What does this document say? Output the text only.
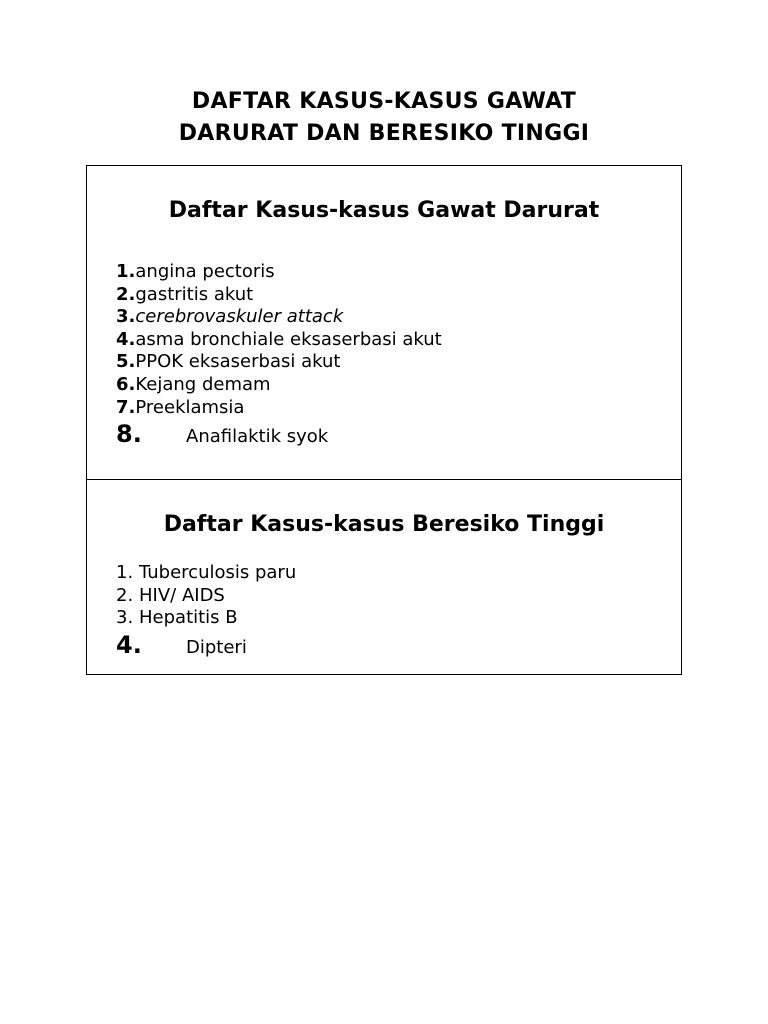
DAFTAR KASUS-KASUS GAWAT
DARURAT DAN BERESIKO TINGGI
Daftar Kasus-kasus Gawat Darurat
1.angina pectoris
2.gastritis akut
3.cerebrovaskuler attack
4.asma bronchiale eksaserbasi akut
5.PPOK eksaserbasi akut
6.Kejang demam
7.Preeklamsia
8. Anafilaktik syok
Daftar Kasus-kasus Beresiko Tinggi
1. Tuberculosis paru
2. HIV/ AIDS
3. Hepatitis B
4. Dipteri
